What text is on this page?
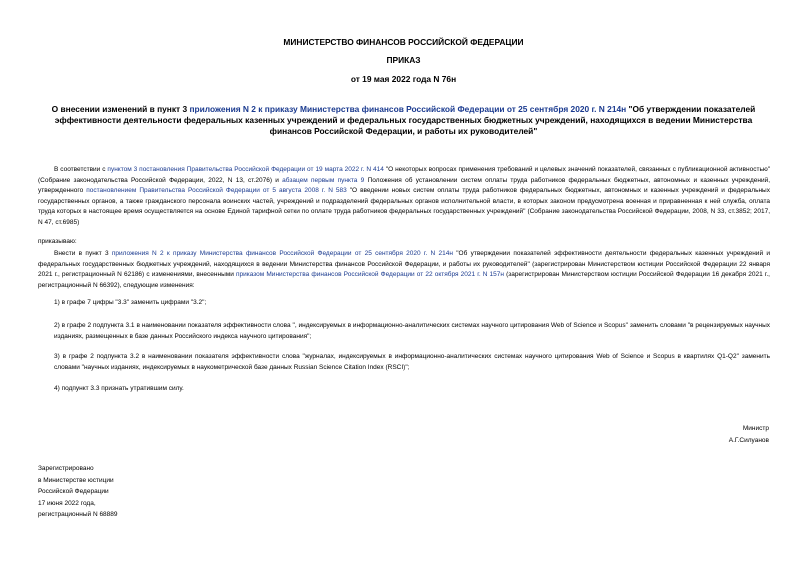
МИНИСТЕРСТВО ФИНАНСОВ РОССИЙСКОЙ ФЕДЕРАЦИИ
ПРИКАЗ
от 19 мая 2022 года N 76н
О внесении изменений в пункт 3 приложения N 2 к приказу Министерства финансов Российской Федерации от 25 сентября 2020 г. N 214н "Об утверждении показателей эффективности деятельности федеральных казенных учреждений и федеральных государственных бюджетных учреждений, находящихся в ведении Министерства финансов Российской Федерации, и работы их руководителей"
В соответствии с пунктом 3 постановления Правительства Российской Федерации от 19 марта 2022 г. N 414 "О некоторых вопросах применения требований и целевых значений показателей, связанных с публикационной активностью" (Собрание законодательства Российской Федерации, 2022, N 13, ст.2076) и абзацем первым пункта 9 Положения об установлении систем оплаты труда работников федеральных бюджетных, автономных и казенных учреждений, утвержденного постановлением Правительства Российской Федерации от 5 августа 2008 г. N 583 "О введении новых систем оплаты труда работников федеральных бюджетных, автономных и казенных учреждений и федеральных государственных органов, а также гражданского персонала воинских частей, учреждений и подразделений федеральных органов исполнительной власти, в которых законом предусмотрена военная и приравненная к ней служба, оплата труда которых в настоящее время осуществляется на основе Единой тарифной сетки по оплате труда работников федеральных государственных учреждений" (Собрание законодательства Российской Федерации, 2008, N 33, ст.3852; 2017, N 47, ст.6985)
приказываю:
Внести в пункт 3 приложения N 2 к приказу Министерства финансов Российской Федерации от 25 сентября 2020 г. N 214н "Об утверждении показателей эффективности деятельности федеральных казенных учреждений и федеральных государственных бюджетных учреждений, находящихся в ведении Министерства финансов Российской Федерации, и работы их руководителей" (зарегистрирован Министерством юстиции Российской Федерации 22 января 2021 г., регистрационный N 62186) с изменениями, внесенными приказом Министерства финансов Российской Федерации от 22 октября 2021 г. N 157н (зарегистрирован Министерством юстиции Российской Федерации 16 декабря 2021 г., регистрационный N 66392), следующие изменения:
1) в графе 7 цифры "3.3" заменить цифрами "3.2";
2) в графе 2 подпункта 3.1 в наименовании показателя эффективности слова ", индексируемых в информационно-аналитических системах научного цитирования Web of Science и Scopus" заменить словами "в рецензируемых научных изданиях, размещенных в базе данных Российского индекса научного цитирования";
3) в графе 2 подпункта 3.2 в наименовании показателя эффективности слова "журналах, индексируемых в информационно-аналитических системах научного цитирования Web of Science и Scopus в квартилях Q1-Q2" заменить словами "научных изданиях, индексируемых в наукометрической базе данных Russian Science Citation Index (RSCI)";
4) подпункт 3.3 признать утратившим силу.
Министр
А.Г.Силуанов
Зарегистрировано
в Министерстве юстиции
Российской Федерации
17 июня 2022 года,
регистрационный N 68889
